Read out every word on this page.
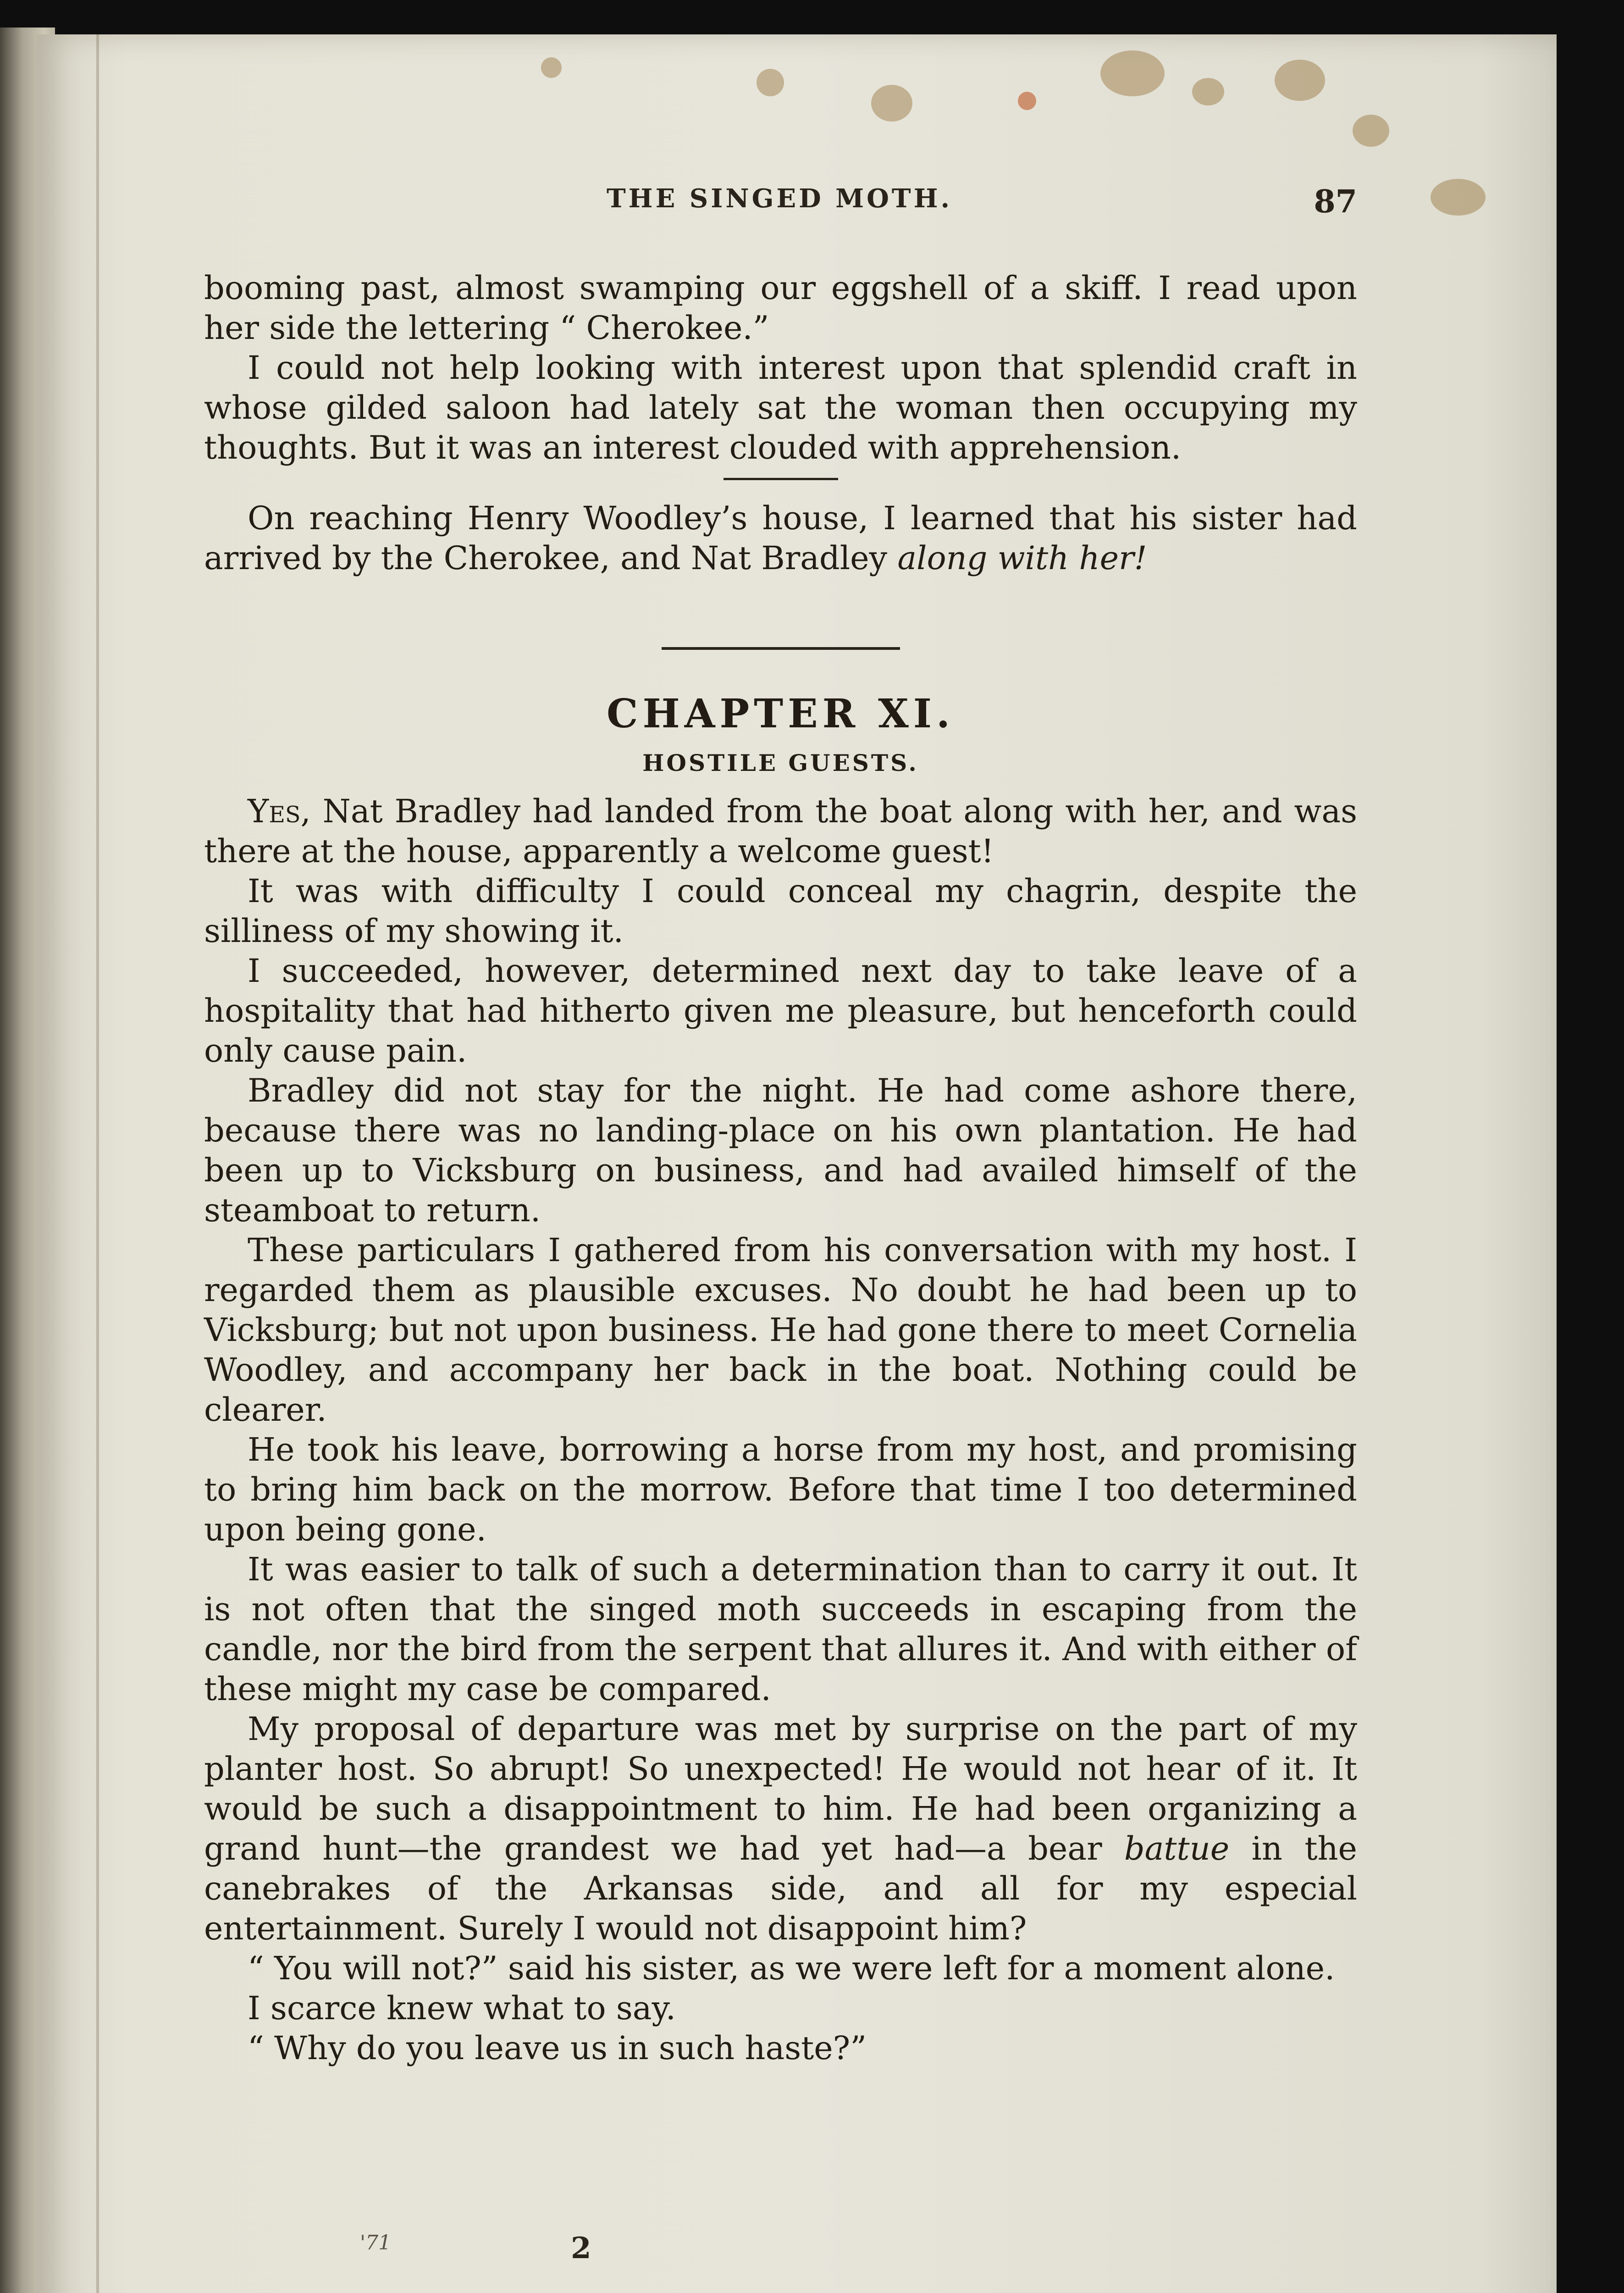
THE SINGED MOTH.	87

booming past, almost swamping our eggshell of a skiff. I read upon her side the lettering “ Cherokee.”

I could not help looking with interest upon that splendid craft in whose gilded saloon had lately sat the woman then occupying my thoughts. But it was an interest clouded with apprehension.

On reaching Henry Woodley’s house, I learned that his sister had arrived by the Cherokee, and Nat Bradley along with her!

CHAPTER XI.
HOSTILE GUESTS.

Yes, Nat Bradley had landed from the boat along with her, and was there at the house, apparently a welcome guest!

It was with difficulty I could conceal my chagrin, despite the silliness of my showing it.

I succeeded, however, determined next day to take leave of a hospitality that had hitherto given me pleasure, but henceforth could only cause pain.

Bradley did not stay for the night. He had come ashore there, because there was no landing-place on his own plantation. He had been up to Vicksburg on business, and had availed himself of the steamboat to return.

These particulars I gathered from his conversation with my host. I regarded them as plausible excuses. No doubt he had been up to Vicksburg; but not upon business. He had gone there to meet Cornelia Woodley, and accompany her back in the boat. Nothing could be clearer.

He took his leave, borrowing a horse from my host, and promising to bring him back on the morrow. Before that time I too determined upon being gone.

It was easier to talk of such a determination than to carry it out. It is not often that the singed moth succeeds in escaping from the candle, nor the bird from the serpent that allures it. And with either of these might my case be compared.

My proposal of departure was met by surprise on the part of my planter host. So abrupt! So unexpected! He would not hear of it. It would be such a disappointment to him. He had been organizing a grand hunt—the grandest we had yet had—a bear battue in the canebrakes of the Arkansas side, and all for my especial entertainment. Surely I would not disappoint him?

“ You will not?” said his sister, as we were left for a moment alone.

I scarce knew what to say.

“ Why do you leave us in such haste?”

'71	2
